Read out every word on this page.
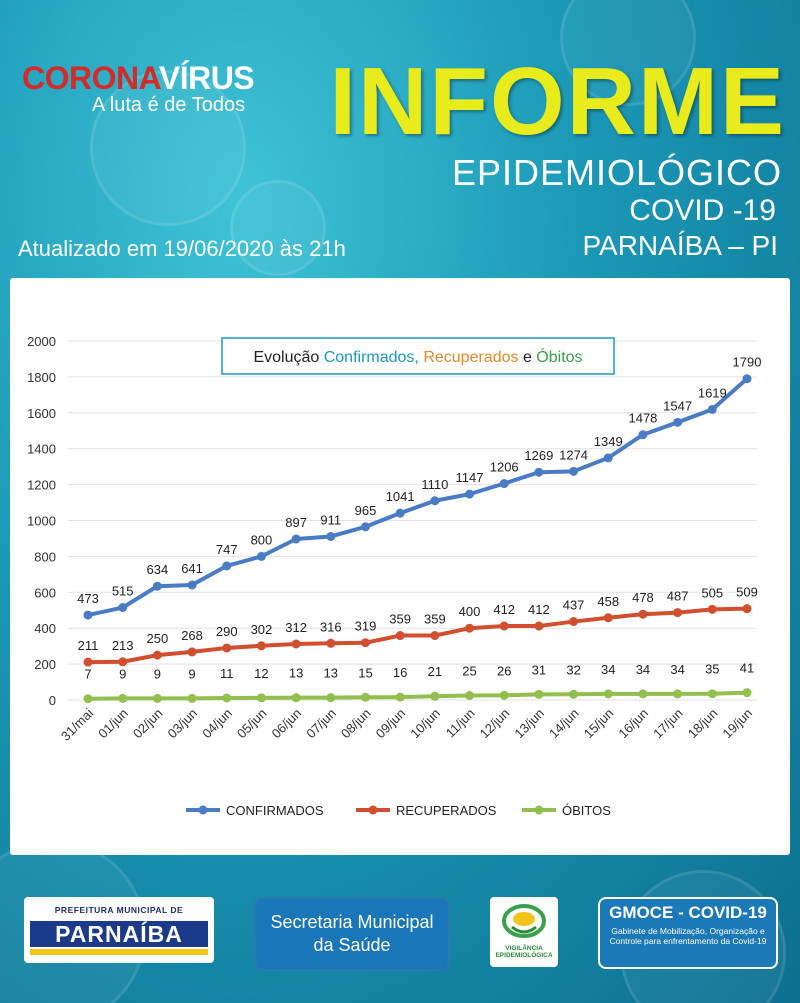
CORONAVÍRUS
A luta é de Todos INFORME
EPIDEMIOLÓGICO
COVID -19
PARNAÍBA – PI
Atualizado em 19/06/2020 às 21h
0
200
400
600
800
1000
1200
1400
1600
1800
2000
31/mai 01/jun 02/jun 03/jun 04/jun 05/jun 06/jun 07/jun 08/jun 09/jun 10/jun 11/jun 12/jun 13/jun 14/jun 15/jun 16/jun 17/jun 18/jun 19/jun
473
515
634 641
747
800
897 911
965
1041
1110 1147
1206
1269 1274
1349
1478
1547
1619
1790
211 213 250 268 290 302 312 316 319 359 359 400 412 412 437 458 478 487 505 509
7 9 9 9 11 12 13 13 15 16 21 25 26 31 32 34 34 34 35 41
Evolução Confirmados, Recuperados e Óbitos
CONFIRMADOS	RECUPERADOS	ÓBITOS
PREFEITURA MUNICIPAL DE
PARNAÍBA	Secretaria Municipal
da Saúde	VIGILÂNCIA
EPIDEMIOLÓGICA
GMOCE - COVID-19
Gabinete de Mobilização, Organização e Controle para enfrentamento da Covid-19
